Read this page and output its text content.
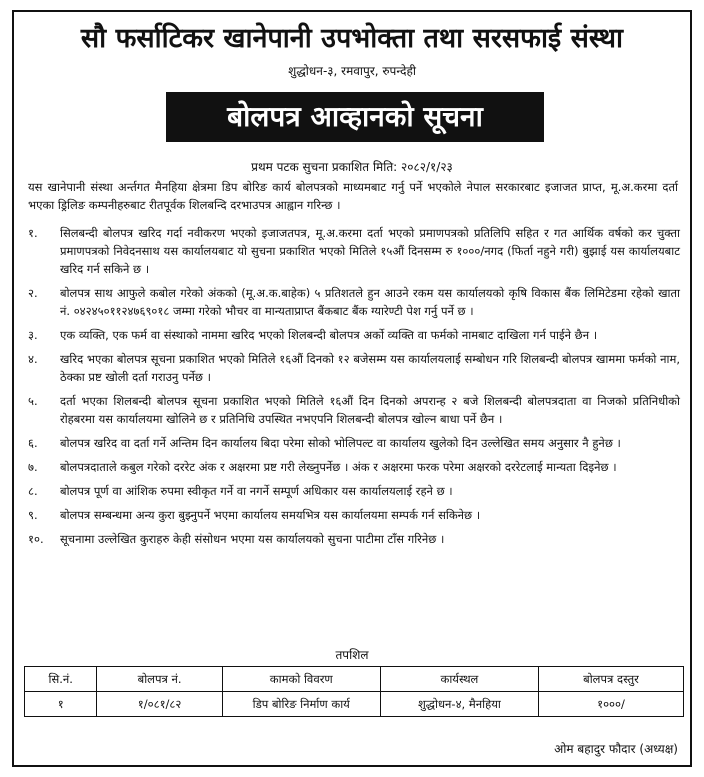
सौ फर्साटिकर खानेपानी उपभोक्ता तथा सरसफाई संस्था
शुद्धोधन-३, रमवापुर, रुपन्देही
बोलपत्र आव्हानको सूचना
प्रथम पटक सुचना प्रकाशित मिति: २०८२/१/२३
यस खानेपानी संस्था अर्न्तगत मैनहिया क्षेत्रमा डिप बोरिङ कार्य बोलपत्रको माध्यमबाट गर्नु पर्ने भएकोले नेपाल सरकारबाट इजाजत प्राप्त, मू.अ.करमा दर्ता भएका ड्रिलिङ कम्पनीहरुबाट रीतपूर्वक शिलबन्दि दरभाउपत्र आह्वान गरिन्छ ।
१. सिलबन्दी बोलपत्र खरिद गर्दा नवीकरण भएको इजाजतपत्र, मू.अ.करमा दर्ता भएको प्रमाणपत्रको प्रतिलिपि सहित र गत आर्थिक वर्षको कर चुक्ता प्रमाणपत्रको निवेदनसाथ यस कार्यालयबाट यो सुचना प्रकाशित भएको मितिले १५औं दिनसम्म रु १०००/नगद (फिर्ता नहुने गरी) बुझाई यस कार्यालयबाट खरिद गर्न सकिने छ ।
२. बोलपत्र साथ आफुले कबोल गरेको अंकको (मू.अ.क.बाहेक) ५ प्रतिशतले हुन आउने रकम यस कार्यालयको कृषि विकास बैंक लिमिटेडमा रहेको खाता नं. ०४२४५०११२४७६९०१८ जम्मा गरेको भौचर वा मान्यताप्राप्त बैंकबाट बैंक ग्यारेण्टी पेश गर्नु पर्ने छ ।
३. एक व्यक्ति, एक फर्म वा संस्थाको नाममा खरिद भएको शिलबन्दी बोलपत्र अर्को व्यक्ति वा फर्मको नामबाट दाखिला गर्न पाईने छैन ।
४. खरिद भएका बोलपत्र सूचना प्रकाशित भएको मितिले १६औं दिनको १२ बजेसम्म यस कार्यालयलाई सम्बोधन गरि शिलबन्दी बोलपत्र खाममा फर्मको नाम, ठेक्का प्रष्ट खोली दर्ता गराउनु पर्नेछ ।
५. दर्ता भएका शिलबन्दी बोलपत्र सूचना प्रकाशित भएको मितिले १६औं दिन दिनको अपरान्ह २ बजे शिलबन्दी बोलपत्रदाता वा निजको प्रतिनिधीको रोहबरमा यस कार्यालयमा खोलिने छ र प्रतिनिधि उपस्थित नभएपनि शिलबन्दी बोलपत्र खोल्न बाधा पर्ने छैन ।
६. बोलपत्र खरिद वा दर्ता गर्ने अन्तिम दिन कार्यालय बिदा परेमा सोको भोलिपल्ट वा कार्यालय खुलेको दिन उल्लेखित समय अनुसार नै हुनेछ ।
७. बोलपत्रदाताले कबुल गरेको दररेट अंक र अक्षरमा प्रष्ट गरी लेख्नुपर्नेछ । अंक र अक्षरमा फरक परेमा अक्षरको दररेटलाई मान्यता दिइनेछ ।
८. बोलपत्र पूर्ण वा आंशिक रुपमा स्वीकृत गर्ने वा नगर्ने सम्पूर्ण अधिकार यस कार्यालयलाई रहने छ ।
९. बोलपत्र सम्बन्धमा अन्य कुरा बुझ्नुपर्ने भएमा कार्यालय समयभित्र यस कार्यालयमा सम्पर्क गर्न सकिनेछ ।
१०. सूचनामा उल्लेखित कुराहरु केही संसोधन भएमा यस कार्यालयको सुचना पाटीमा टाँस गरिनेछ ।
तपशिल
सि.नं.	बोलपत्र नं.	कामको विवरण	कार्यस्थल	बोलपत्र दस्तुर
१	१/०८१/८२	डिप बोरिङ निर्माण कार्य	शुद्धोधन-४, मैनहिया	१०००/
ओम बहादुर फौदार (अध्यक्ष)
